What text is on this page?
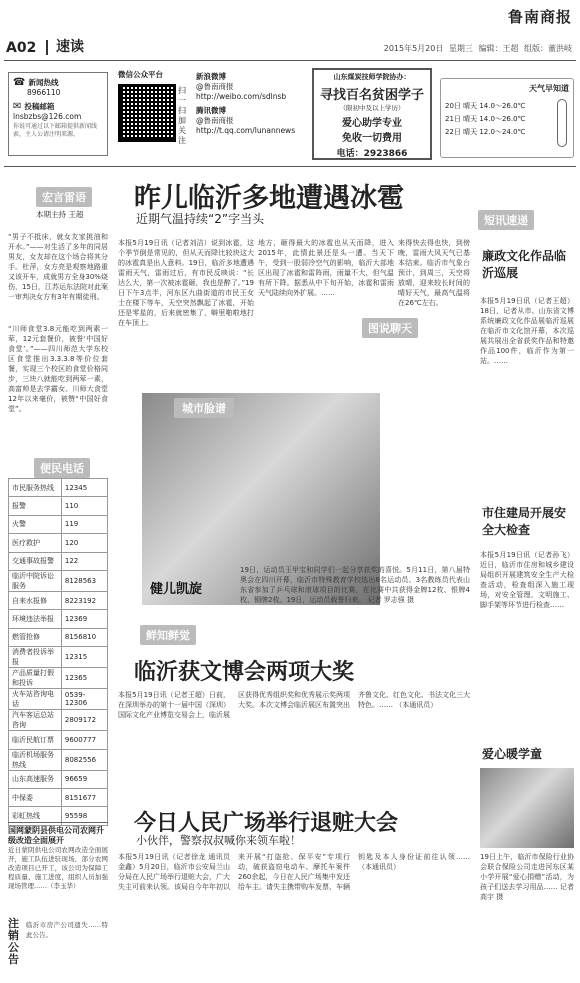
鲁南商报
A02	速读	2015年5月20日 星期三 编辑：王超 组版：董洪岐
☎ 新闻热线
8966110
✉ 投稿邮箱
lnsbzbs@126.com
你说可通过以下邮箱提供新闻线索，主人公请注明来源。
微信公众平台
扫一扫 加关注
新浪微博
@鲁南商报
http://weibo.com/sdlnsb
腾讯微博
@鲁南商报
http://t.qq.com/lunannews
山东煤炭技师学院协办：
寻找百名贫困学子
（限初中及以上学历）
爱心助学专业
免收一切费用
电话：2923866
天气早知道
20日 晴天 14.0～26.0℃
21日 晴天 14.0～26.0℃
22日 晴天 12.0～24.0℃
宏言雷语
本期主持 王超
“男子不抵床，就女友家挑油和开水。”——对生活了多年的同居男友，女友却在这个场合将其分手。杜萍，女方亮是观察地路重又该开车，成就男方全身30%烧伤，15日，江苏运东法院对此案一审判决女方有3年有期徒刑。
“川师食堂3.8元能吃到两素一荤，12元套餐价，被誉‘中国好食堂’。”——四川师范大学东校区食堂推出3.3.3.8等价位套餐，实现三个校区的食堂价格同步，三块八就能吃到两荤一素，高富帅是去学霸女、川师大食堂12年以来毫价，被赞“中国好食堂”。
便民电话
市民服务热线	12345
报警	110
火警	119
医疗救护	120
交通事故报警	122
临沂中院诉讼服务	8128563
自来水报修	8223192
环境违法举报	12369
燃管抢修	8156810
消费者投诉举报	12315
产品质量打假和投诉	12365
火车站咨询电话	0539-12306
汽车客运总站咨询	2809172
临沂民航订票	9600777
临沂机场服务热线	8082556
山东高速服务	96659
中保委	8151677
彩虹热线	95598
国网蒙阴县供电公司农网升级改造全面展开
近日蒙阴供电公司农网改造全面展开，施工队伍进驻现场，部分农网改造项目已开工，该公司为保障工程质量、施工进度，组织人员加强现场管理……（李玉华）
注销公告
临沂市房产公司遗失……特此公告。
昨儿临沂多地遭遇冰雹
近期气温持续“2”字当头
本报5月19日讯（记者刘洁）说到冰雹，这个季节倒是常见的，但从天而降比较块这大的冰雹真是出人意料。19日，临沂多地遭遇雷雨天气，雷雨过后，有市民反映说：“长达么大，第一次被冰雹砸，我也是醉了。”19日下午3点半，河东区九曲街道的市民王女士在楼下等车，天空突然飘起了冰雹，开始还是零星的，后来就密集了，噼里啪啦地打在车顶上。
地方，砸得最大的冰雹也从天而降，进入2015年，此情此景还是头一遭。当天下午，受到一股弱冷空气的影响，临沂大部地区出现了冰雹和雷阵雨，雨量不大，但气温有所下降。据悉从中下旬开始，冰雹和雷雨天气陆续向外扩展。……
来得快去得也快，到傍晚，雷雨大风天气已基本结束。临沂市气象台预计，到周三，天空将放晴，迎来较长时间的晴好天气，最高气温将在26℃左右。
图说聊天
城市脸谱
健儿凯旋
19日，运动员王甲宝和同学们一起分享获奖的喜悦。5月11日，第八届特奥会在四川开幕，临沂市特殊教育学校选出8名运动员、3名教练员代表山东省参加了乒乓球和滚球项目的比赛，在比赛中共获得金牌12枚、银牌4枚、铜牌2枚。19日，运动员载誉归来。 记者 罗志强 摄
鲜知鲜觉
临沂获文博会两项大奖
本报5月19日讯（记者王超）日前，在深圳举办的第十一届中国（深圳）国际文化产业博览交易会上，临沂展区获得优秀组织奖和优秀展示奖两项大奖。本次文博会临沂展区布置突出齐鲁文化、红色文化、书法文化三大特色。…… （本通讯员）
今日人民广场举行退赃大会
小伙伴，警察叔叔喊你来领车啦！
本报5月19日讯（记者徐龙 通讯员金鑫）5月20日，临沂市公安局兰山分局在人民广场举行退赃大会，广大失主可前来认领。该局自今年年初以来开展“打盗抢、保平安”专项行动，破获盗窃电动车、摩托车案件260余起，今日在人民广场集中发还给车主。请失主携带购车发票、车辆钥匙及本人身份证前往认领…… （本通讯员）
短讯速递
廉政文化作品临沂巡展
本报5月19日讯（记者王超）18日，记者从市、山东省文博系统廉政文化作品展临沂巡展在临沂市文化馆开幕，本次巡展共展出全省获奖作品和特邀作品100件，临沂作为第一站。……
市住建局开展安全大检查
本报5月19日讯（记者孙飞）近日，临沂市住房和城乡建设局组织开展建筑安全生产大检查活动，检查组深入施工现场，对安全管理、文明施工、脚手架等环节进行检查……
爱心暖学童
19日上午，临沂市保险行业协会联合保险公司走进河东区某小学开展“爱心捐赠”活动，为孩子们送去学习用品…… 记者 高宇 摄
